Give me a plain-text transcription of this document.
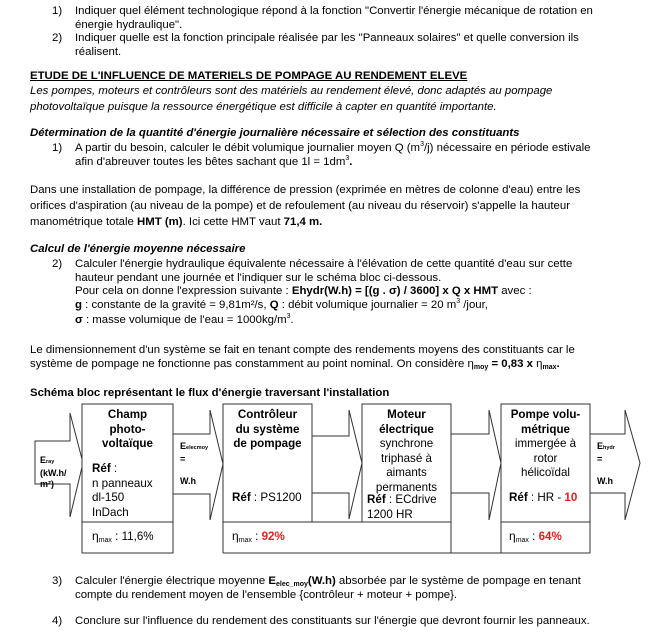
1) Indiquer quel élément technologique répond à la fonction "Convertir l'énergie mécanique de rotation en
énergie hydraulique".
2) Indiquer quelle est la fonction principale réalisée par les "Panneaux solaires" et quelle conversion ils
réalisent.
ETUDE DE L'INFLUENCE DE MATERIELS DE POMPAGE AU RENDEMENT ELEVE
Les pompes, moteurs et contrôleurs sont des matériels au rendement élevé, donc adaptés au pompage
photovoltaïque puisque la ressource énergétique est difficile à capter en quantité importante.
Détermination de la quantité d'énergie journalière nécessaire et sélection des constituants
1) A partir du besoin, calculer le débit volumique journalier moyen Q $(m^3/j)$ nécessaire en période estivale
afin d'abreuver toutes les bêtes sachant que $1l = 1dm^3$.
Dans une installation de pompage, la différence de pression (exprimée en mètres de colonne d'eau) entre les
orifices d'aspiration (au niveau de la pompe) et de refoulement (au niveau du réservoir) s'appelle la hauteur
manométrique totale HMT (m). Ici cette HMT vaut 71,4 m.
Calcul de l'énergie moyenne nécessaire
2) Calculer l'énergie hydraulique équivalente nécessaire à l'élévation de cette quantité d'eau sur cette
hauteur pendant une journée et l'indiquer sur le schéma bloc ci-dessous.
Pour cela on donne l'expression suivante : Ehydr(W.h) = [(g . σ) / 3600] x Q x HMT avec :
g : constante de la gravité = 9,81m²/s, Q : débit volumique journalier = 20 $m^3$ /jour,
σ : masse volumique de $l'eau = 1000kg/m^3$.
Le dimensionnement d'un système se fait en tenant compte des rendements moyens des constituants car le
système de pompage ne fonctionne pas constamment au point nominal. On considère $\eta_{moy} = 0,83$ x $\eta_{max}$.
Schéma bloc représentant le flux d'énergie traversant l'installation
Eray
(kW.h/
m²)
Eelecmoy
=

W.h
Ehydr
=

W.h
Champ
photo-
voltaïque
Réf :
n panneaux
dl-150
InDach
$\eta_{max}$ : 11,6%
Contrôleur
du système
de pompage
Réf : PS1200
$\eta_{max}$ : 92%
Moteur
électrique
synchrone
triphasé à
aimants
permanents
Réf : ECdrive
1200 HR
Pompe volu-
métrique
immergée à
rotor
hélicoïdal
Réf : HR - 10
$\eta_{max}$ : 64%
3) Calculer l'énergie électrique moyenne $E_{elec\_moy}(W.h)$ absorbée par le système de pompage en tenant
compte du rendement moyen de l'ensemble {contrôleur + moteur + pompe}.
4) Conclure sur l'influence du rendement des constituants sur l'énergie que devront fournir les panneaux.
